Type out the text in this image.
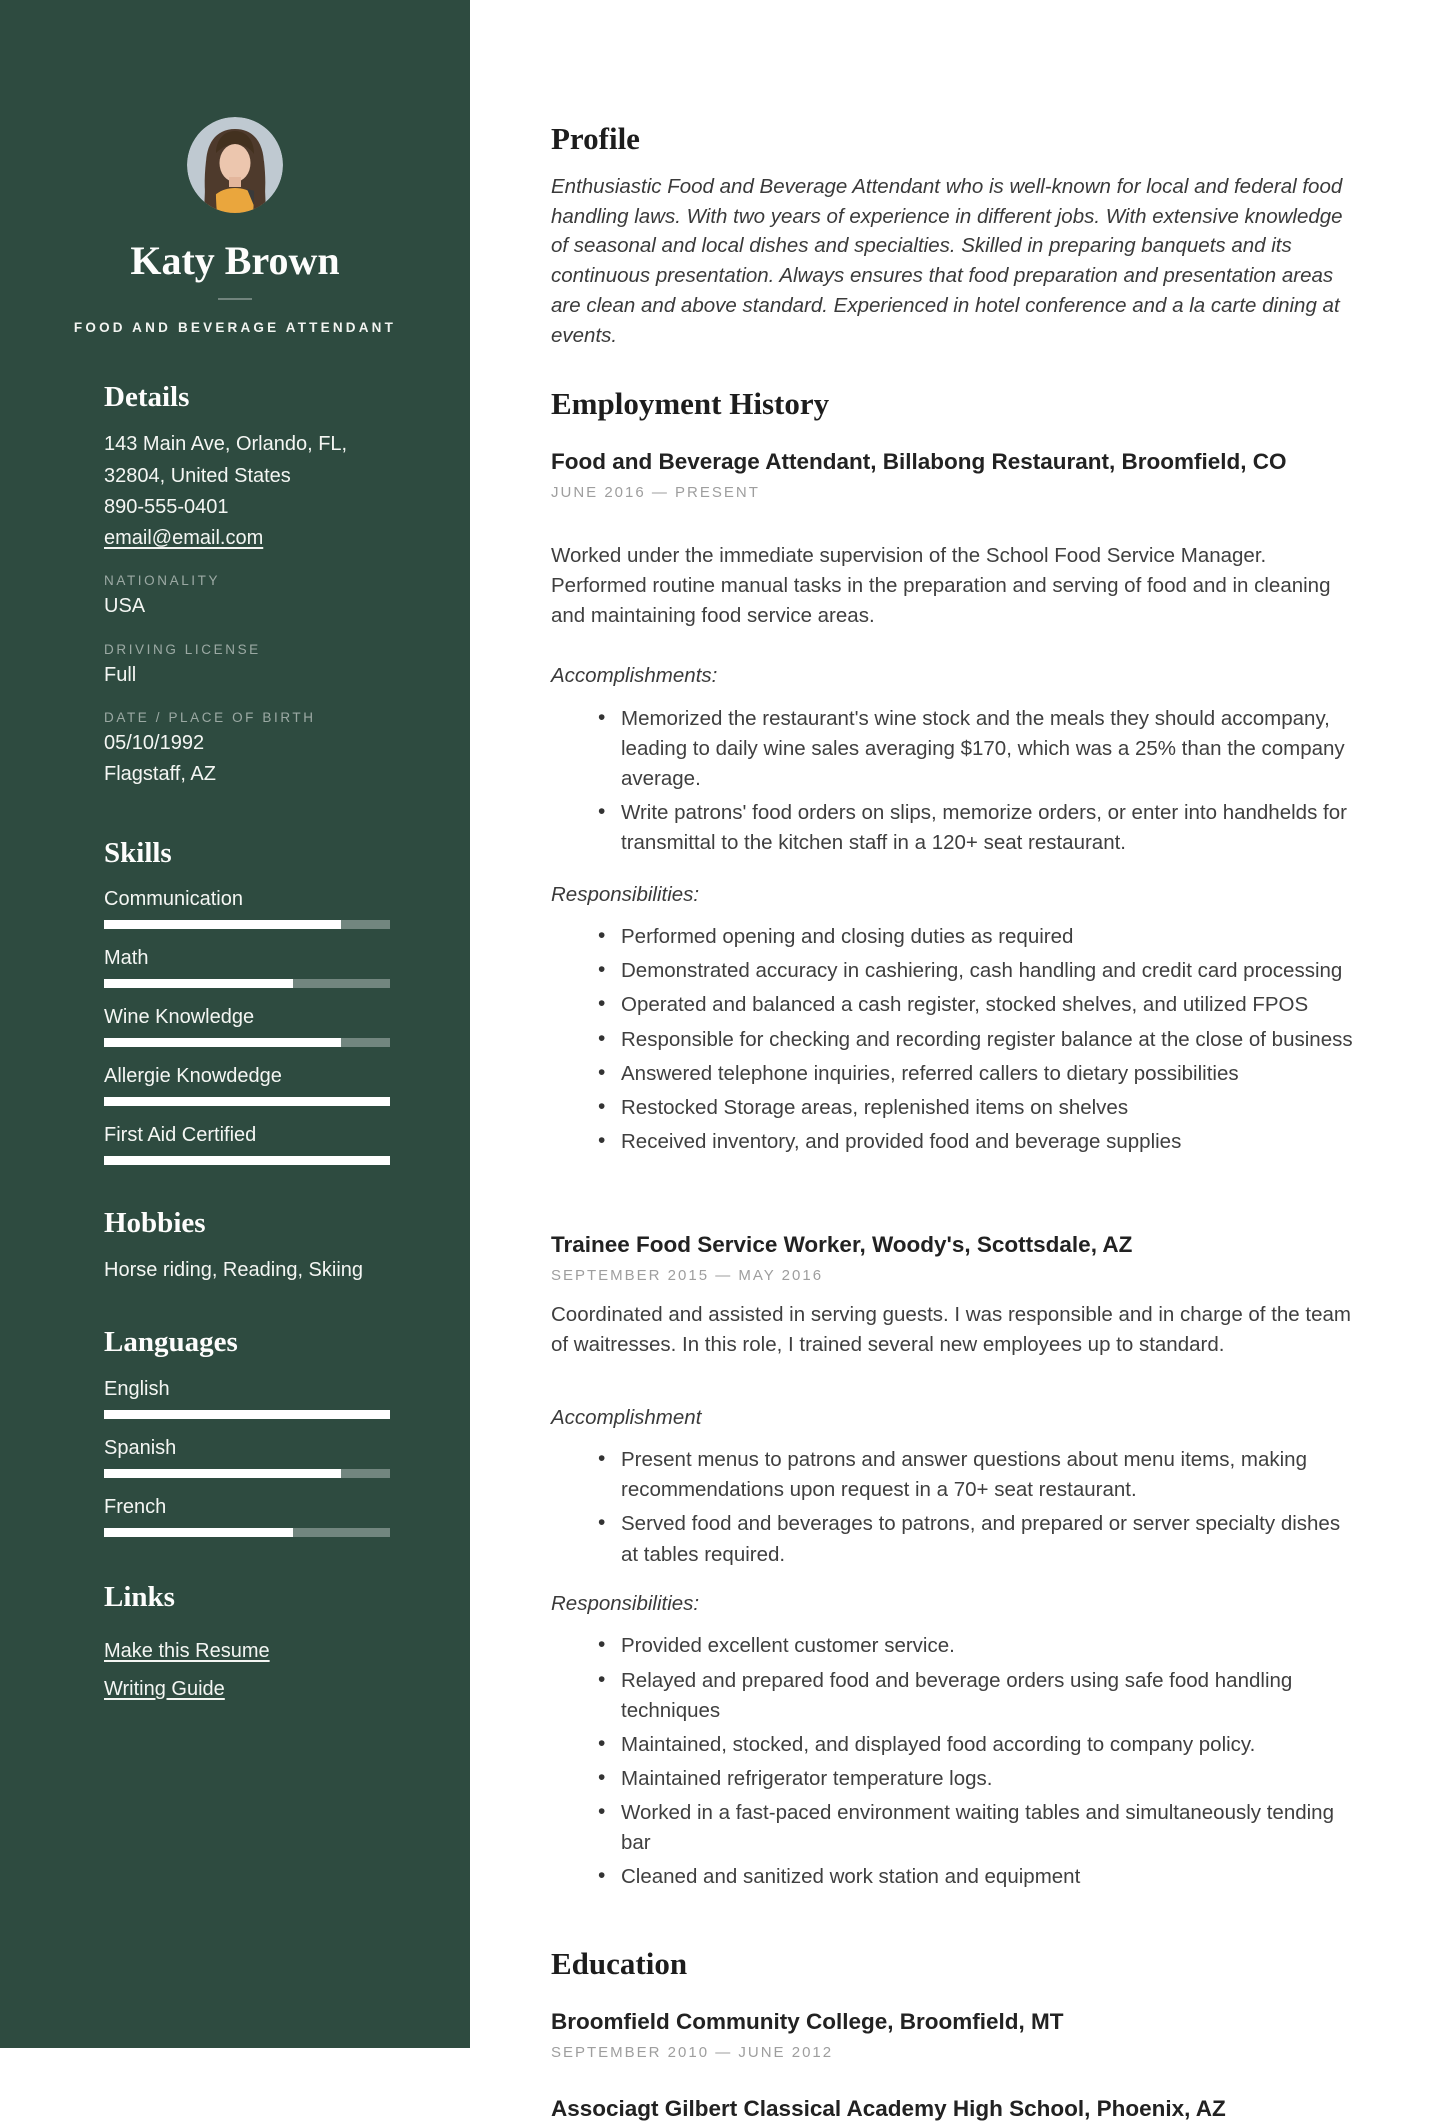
Katy Brown
FOOD AND BEVERAGE ATTENDANT
Details
143 Main Ave, Orlando, FL,
32804, United States
890-555-0401
email@email.com
NATIONALITY
USA
DRIVING LICENSE
Full
DATE / PLACE OF BIRTH
05/10/1992
Flagstaff, AZ
Skills
Communication
Math
Wine Knowledge
Allergie Knowdedge
First Aid Certified
Hobbies
Horse riding, Reading, Skiing
Languages
English
Spanish
French
Links
Make this Resume
Writing Guide
Profile

Enthusiastic Food and Beverage Attendant who is well-known for local and federal food handling laws. With two years of experience in different jobs. With extensive knowledge of seasonal and local dishes and specialties. Skilled in preparing banquets and its continuous presentation. Always ensures that food preparation and presentation areas are clean and above standard. Experienced in hotel conference and a la carte dining at events.

Employment History
Food and Beverage Attendant, Billabong Restaurant, Broomfield, CO
JUNE 2016 — PRESENT

Worked under the immediate supervision of the School Food Service Manager. Performed routine manual tasks in the preparation and serving of food and in cleaning and maintaining food service areas.

Accomplishments:
• Memorized the restaurant's wine stock and the meals they should accompany, leading to daily wine sales averaging $170, which was a 25% than the company average.
• Write patrons' food orders on slips, memorize orders, or enter into handhelds for transmittal to the kitchen staff in a 120+ seat restaurant.
Responsibilities:
• Performed opening and closing duties as required
• Demonstrated accuracy in cashiering, cash handling and credit card processing
• Operated and balanced a cash register, stocked shelves, and utilized FPOS
• Responsible for checking and recording register balance at the close of business
• Answered telephone inquiries, referred callers to dietary possibilities
• Restocked Storage areas, replenished items on shelves
• Received inventory, and provided food and beverage supplies
Trainee Food Service Worker, Woody's, Scottsdale, AZ
SEPTEMBER 2015 — MAY 2016

Coordinated and assisted in serving guests. I was responsible and in charge of the team of waitresses. In this role, I trained several new employees up to standard.

Accomplishment
• Present menus to patrons and answer questions about menu items, making recommendations upon request in a 70+ seat restaurant.
• Served food and beverages to patrons, and prepared or server specialty dishes at tables required.
Responsibilities:
• Provided excellent customer service.
• Relayed and prepared food and beverage orders using safe food handling techniques
• Maintained, stocked, and displayed food according to company policy.
• Maintained refrigerator temperature logs.
• Worked in a fast-paced environment waiting tables and simultaneously tending bar
• Cleaned and sanitized work station and equipment
Education
Broomfield Community College, Broomfield, MT
SEPTEMBER 2010 — JUNE 2012
Associagt Gilbert Classical Academy High School, Phoenix, AZ
